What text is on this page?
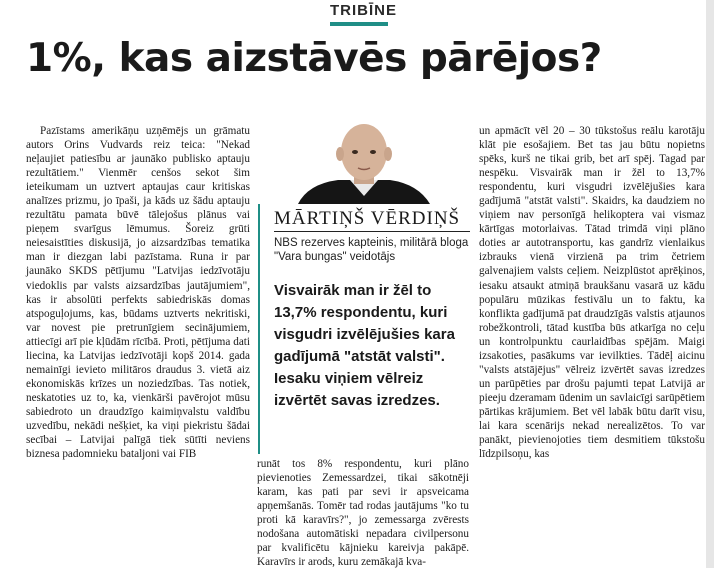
TRIBĪNE
1%, kas aizstāvēs pārējos?

Pazīstams amerikāņu uzņēmējs un grāmatu autors Orins Vudvards reiz teica: "Nekad neļaujiet patiesību ar jaunāko publisko aptauju rezultātiem." Vienmēr cenšos sekot šim ieteikumam un uztvert aptaujas caur kritiskas analīzes prizmu, jo īpaši, ja kāds uz šādu aptauju rezultātu pamata būvē tālejošus plānus vai pieņem svarīgus lēmumus. Šoreiz grūti neiesaistīties diskusijā, jo aizsardzības tematika man ir diezgan labi pazīstama. Runa ir par jaunāko SKDS pētījumu "Latvijas iedzīvotāju viedoklis par valsts aizsardzības jautājumiem", kas ir absolūti perfekts sabiedriskās domas atspoguļojums, kas, būdams uztverts nekritiski, var novest pie pretrunīgiem secinājumiem, attiecīgi arī pie kļūdām rīcībā. Proti, pētījuma dati liecina, ka Latvijas iedzīvotāji kopš 2014. gada nemainīgi ievieto militāros draudus 3. vietā aiz ekonomiskās krīzes un noziedzības. Tas notiek, neskatoties uz to, ka, vienkārši pavērojot mūsu sabiedroto un draudzīgo kaimiņvalstu valdību uzvedību, nekādi nešķiet, ka viņi piekristu šādai secībai – Latvijai palīgā tiek sūtīti neviens biznesa padomnieku bataljoni vai FIB

MĀRTIŅŠ VĒRDIŅŠ
NBS rezerves kapteinis, militārā bloga "Vara bungas" veidotājs
Visvairāk man ir žēl to 13,7% respondentu, kuri visgudri izvēlējušies kara gadījumā "atstāt valsti". Iesaku viņiem vēlreiz izvērtēt savas izredzes.

runāt tos 8% respondentu, kuri plāno pievienoties Zemessardzei, tikai sākotnēji karam, kas pati par sevi ir apsveicama apņemšanās. Tomēr tad rodas jautājums "ko tu proti kā karavīrs?", jo zemessarga zvērests nodošana automātiski nepadara civilpersonu par kvalificētu kājnieku kareivja pakāpē. Karavīrs ir arods, kuru zemākajā kva-

un apmācīt vēl 20 – 30 tūkstošus reālu karotāju klāt pie esošajiem. Bet tas jau būtu nopietns spēks, kurš ne tikai grib, bet arī spēj. Tagad par nespēku. Visvairāk man ir žēl to 13,7% respondentu, kuri visgudri izvēlējušies kara gadījumā "atstāt valsti". Skaidrs, ka daudziem no viņiem nav personīgā helikoptera vai vismaz kārtīgas motorlaivas. Tātad trimdā viņi plāno doties ar autotransportu, kas gandrīz vienlaikus izbrauks vienā virzienā pa trim četriem galvenajiem valsts ceļiem. Neizplūstot aprēķinos, iesaku atsaukt atmiņā braukšanu vasarā uz kādu populāru mūzikas festivālu un to faktu, ka konflikta gadījumā pat draudzīgās valstis atjaunos robežkontroli, tātad kustība būs atkarīga no ceļu un kontrolpunktu caurlaidības spējām. Maigi izsakoties, pasākums var ievilkties. Tādēļ aicinu "valsts atstājējus" vēlreiz izvērtēt savas izredzes un parūpēties par drošu pajumti tepat Latvijā ar pieeju dzeramam ūdenim un savlaicīgi sarūpētiem pārtikas krājumiem. Bet vēl labāk būtu darīt visu, lai kara scenārijs nekad nerealizētos. To var panākt, pievienojoties tiem desmitiem tūkstošu līdzpilsoņu, kas
